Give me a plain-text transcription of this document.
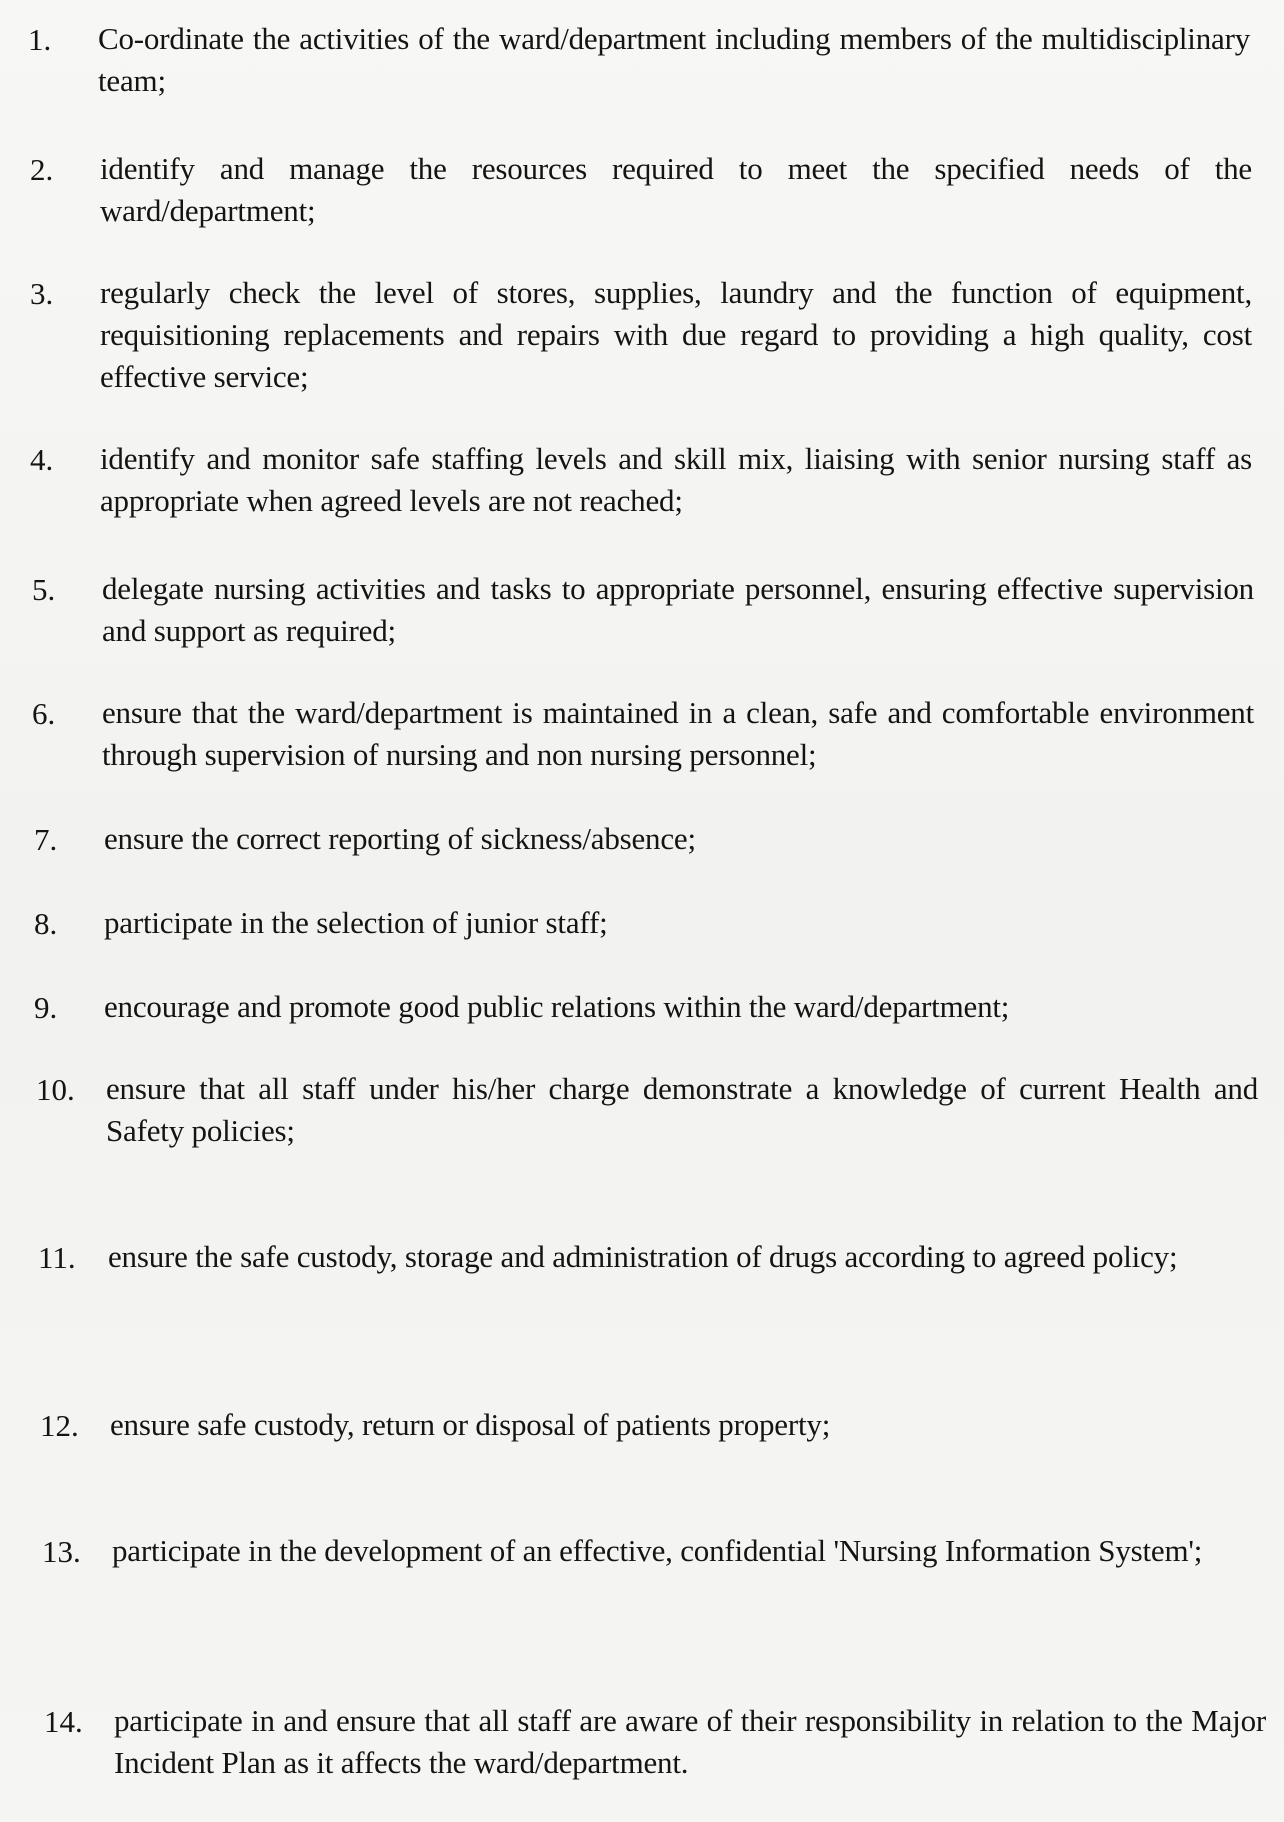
1.	Co-ordinate the activities of the ward/department including members of the multidisciplinary team;
2.	identify and manage the resources required to meet the specified needs of the ward/department;
3.	regularly check the level of stores, supplies, laundry and the function of equipment, requisitioning replacements and repairs with due regard to providing a high quality, cost effective service;
4.	identify and monitor safe staffing levels and skill mix, liaising with senior nursing staff as appropriate when agreed levels are not reached;
5.	delegate nursing activities and tasks to appropriate personnel, ensuring effective supervision and support as required;
6.	ensure that the ward/department is maintained in a clean, safe and comfortable environment through supervision of nursing and non nursing personnel;
7.	ensure the correct reporting of sickness/absence;
8.	participate in the selection of junior staff;
9.	encourage and promote good public relations within the ward/department;
10.	ensure that all staff under his/her charge demonstrate a knowledge of current Health and Safety policies;
11.	ensure the safe custody, storage and administration of drugs according to agreed policy;
12.	ensure safe custody, return or disposal of patients property;
13.	participate in the development of an effective, confidential 'Nursing Information System';
14.	participate in and ensure that all staff are aware of their responsibility in relation to the Major Incident Plan as it affects the ward/department.
